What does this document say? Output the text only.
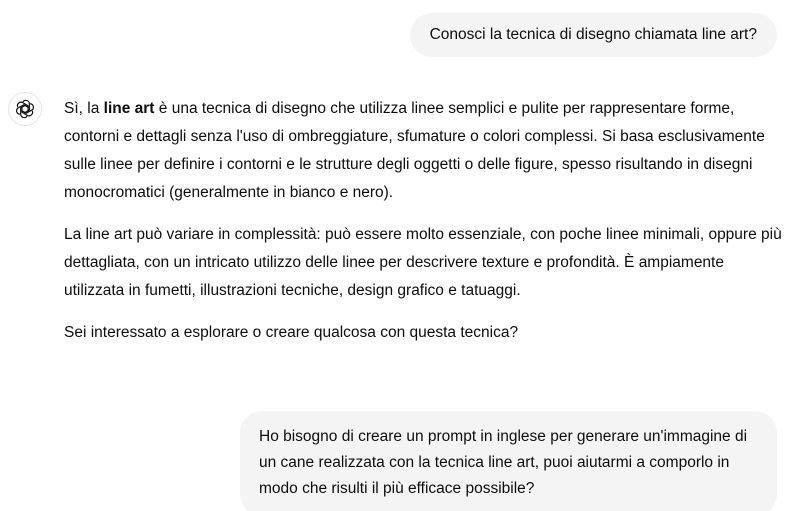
Conosci la tecnica di disegno chiamata line art?

Sì, la line art è una tecnica di disegno che utilizza linee semplici e pulite per rappresentare forme, contorni e dettagli senza l'uso di ombreggiature, sfumature o colori complessi. Si basa esclusivamente sulle linee per definire i contorni e le strutture degli oggetti o delle figure, spesso risultando in disegni monocromatici (generalmente in bianco e nero).

La line art può variare in complessità: può essere molto essenziale, con poche linee minimali, oppure più dettagliata, con un intricato utilizzo delle linee per descrivere texture e profondità. È ampiamente utilizzata in fumetti, illustrazioni tecniche, design grafico e tatuaggi.

Sei interessato a esplorare o creare qualcosa con questa tecnica?

Ho bisogno di creare un prompt in inglese per generare un'immagine di un cane realizzata con la tecnica line art, puoi aiutarmi a comporlo in modo che risulti il più efficace possibile?
